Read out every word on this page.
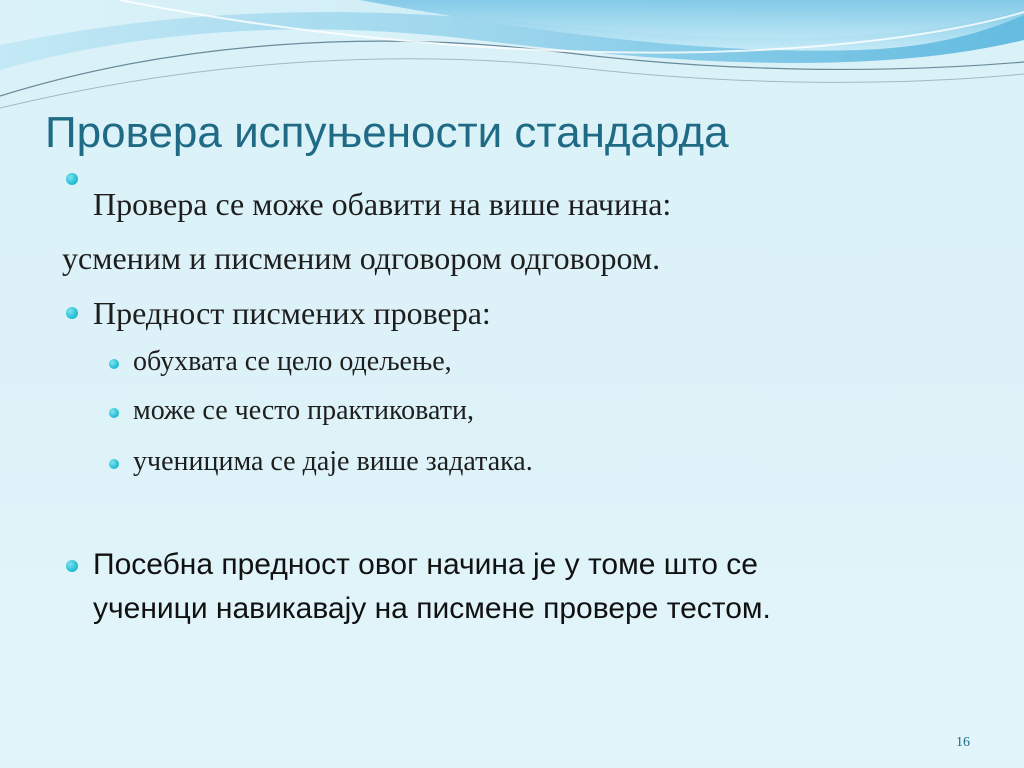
Провера испуњености стандарда
Провера се може обавити на више начина:
усменим и писменим одговором одговором.
Предност писмених провера:
обухвата се цело одељење,
може се често практиковати,
ученицима се даје више задатака.
Посебна предност овог начина је у томе што се
ученици навикавају на писмене провере тестом.
16
